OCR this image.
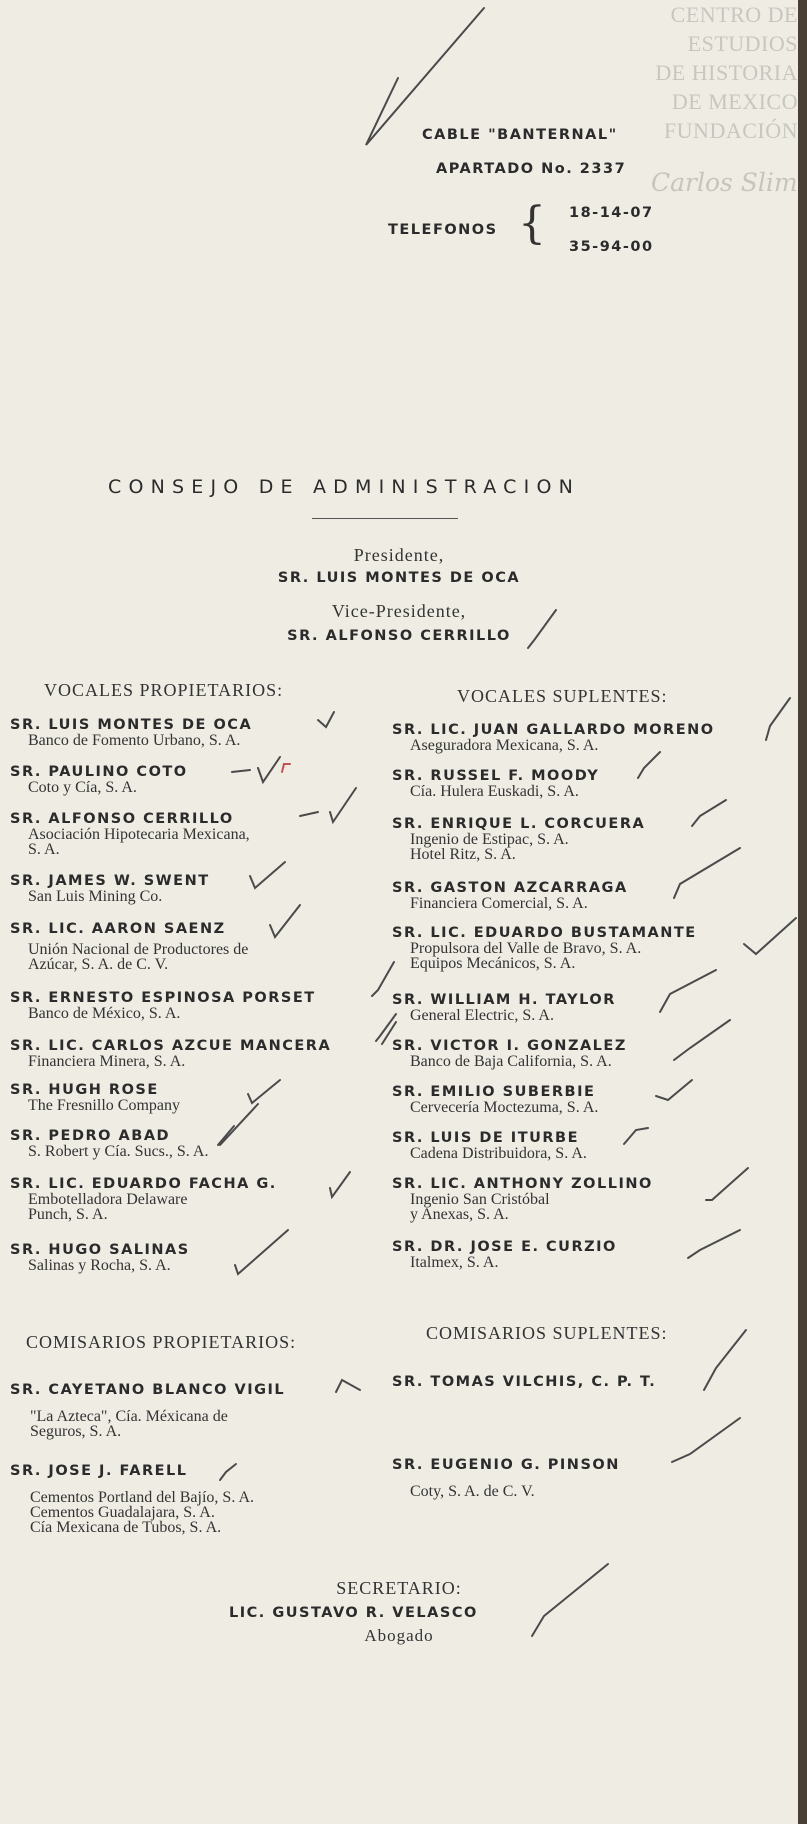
CENTRO DE
ESTUDIOS
DE HISTORIA
DE MEXICO
FUNDACIÓN
Carlos Slim
CABLE "BANTERNAL"
APARTADO No. 2337
TELEFONOS { 18-14-07
35-94-00
CONSEJO DE ADMINISTRACION
Presidente,
SR. LUIS MONTES DE OCA
Vice-Presidente,
SR. ALFONSO CERRILLO
VOCALES PROPIETARIOS:	VOCALES SUPLENTES:
SR. LUIS MONTES DE OCA
Banco de Fomento Urbano, S. A.
SR. PAULINO COTO
Coto y Cía, S. A.
SR. ALFONSO CERRILLO
Asociación Hipotecaria Mexicana,
S. A.
SR. JAMES W. SWENT
San Luis Mining Co.
SR. LIC. AARON SAENZ
Unión Nacional de Productores de
Azúcar, S. A. de C. V.
SR. ERNESTO ESPINOSA PORSET
Banco de México, S. A.
SR. LIC. CARLOS AZCUE MANCERA
Financiera Minera, S. A.
SR. HUGH ROSE
The Fresnillo Company
SR. PEDRO ABAD
S. Robert y Cía. Sucs., S. A.
SR. LIC. EDUARDO FACHA G.
Embotelladora Delaware
Punch, S. A.
SR. HUGO SALINAS
Salinas y Rocha, S. A.
SR. LIC. JUAN GALLARDO MORENO
Aseguradora Mexicana, S. A.
SR. RUSSEL F. MOODY
Cía. Hulera Euskadi, S. A.
SR. ENRIQUE L. CORCUERA
Ingenio de Estipac, S. A.
Hotel Ritz, S. A.
SR. GASTON AZCARRAGA
Financiera Comercial, S. A.
SR. LIC. EDUARDO BUSTAMANTE
Propulsora del Valle de Bravo, S. A.
Equipos Mecánicos, S. A.
SR. WILLIAM H. TAYLOR
General Electric, S. A.
SR. VICTOR I. GONZALEZ
Banco de Baja California, S. A.
SR. EMILIO SUBERBIE
Cervecería Moctezuma, S. A.
SR. LUIS DE ITURBE
Cadena Distribuidora, S. A.
SR. LIC. ANTHONY ZOLLINO
Ingenio San Cristóbal
y Anexas, S. A.
SR. DR. JOSE E. CURZIO
Italmex, S. A.
COMISARIOS PROPIETARIOS:	COMISARIOS SUPLENTES:
SR. CAYETANO BLANCO VIGIL
"La Azteca", Cía. Méxicana de
Seguros, S. A.
SR. JOSE J. FARELL
Cementos Portland del Bajío, S. A.
Cementos Guadalajara, S. A.
Cía Mexicana de Tubos, S. A.
SR. TOMAS VILCHIS, C. P. T.
SR. EUGENIO G. PINSON
Coty, S. A. de C. V.
SECRETARIO:
LIC. GUSTAVO R. VELASCO
Abogado
